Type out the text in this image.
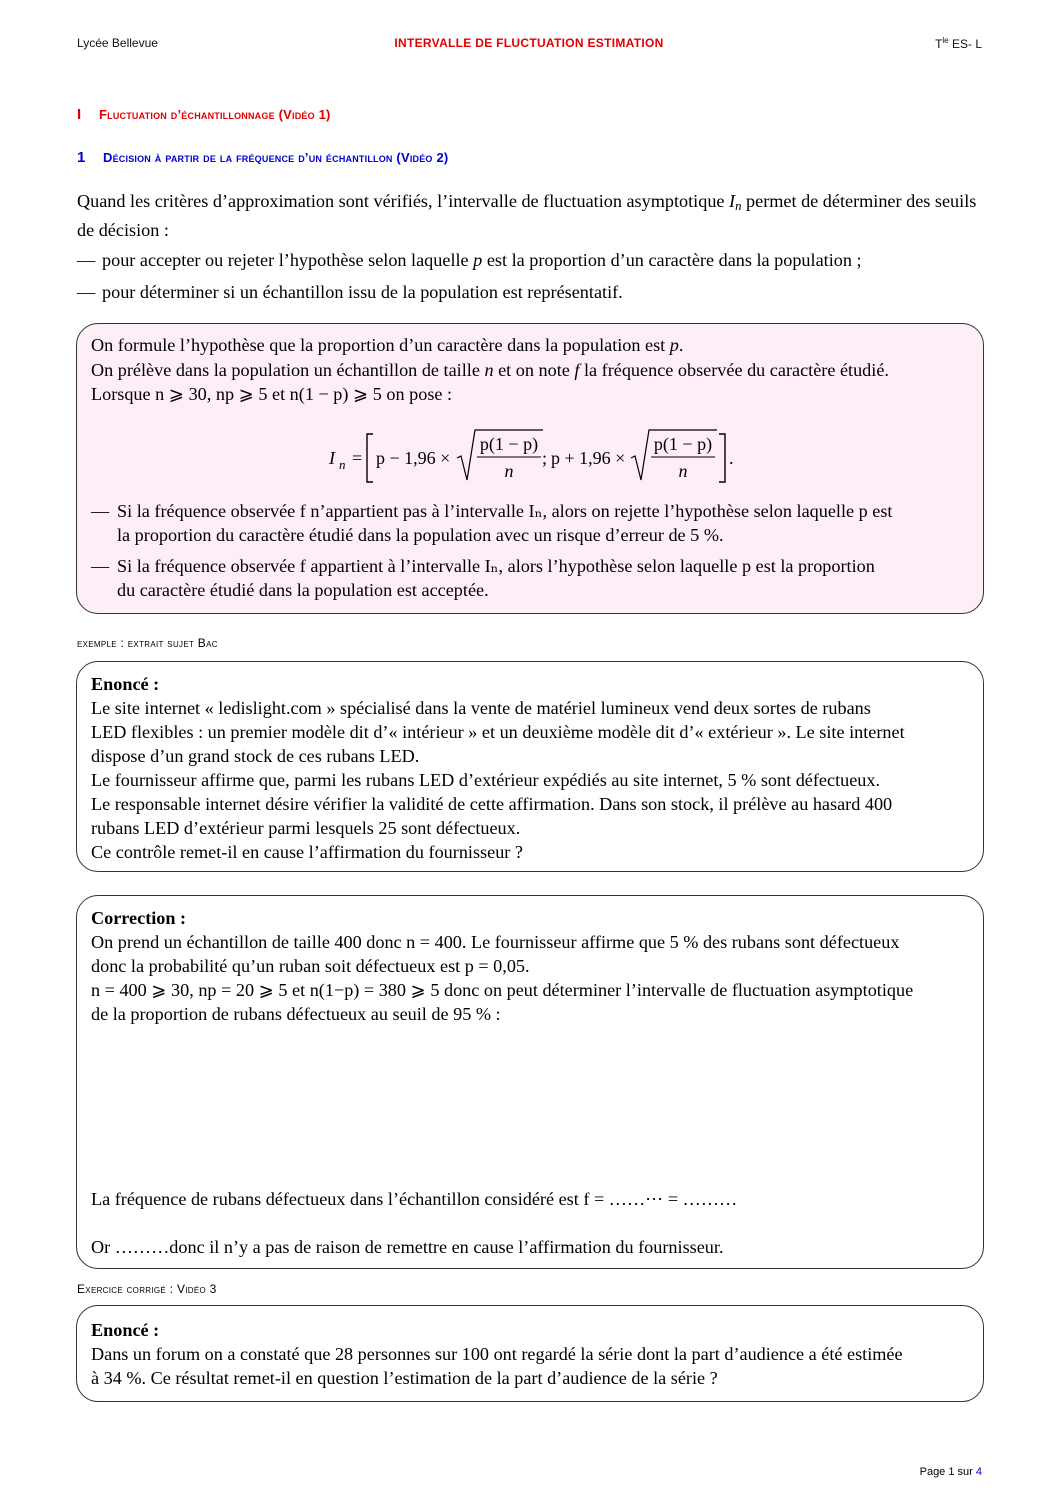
Lycée Bellevue	INTERVALLE DE FLUCTUATION ESTIMATION	$T^{le}$ ES- L
I Fluctuation d’échantillonnage (Vidéo 1)
1 Décision à partir de la fréquence d’un échantillon (Vidéo 2)

Quand les critères d’approximation sont vérifiés, l’intervalle de fluctuation asymptotique $I_n$ permet de déterminer des seuils de décision :

— pour accepter ou rejeter l’hypothèse selon laquelle p est la proportion d’un caractère dans la population ;
— pour déterminer si un échantillon issu de la population est représentatif.
On formule l’hypothèse que la proportion d’un caractère dans la population est p.
On prélève dans la population un échantillon de taille n et on note f la fréquence observée du caractère étudié.
Lorsque n ⩾ 30, np ⩾ 5 et n(1 − p) ⩾ 5 on pose :
I n = p − 1,96 ×
p(1 − p)
n
; p + 1,96 ×
p(1 − p)
n
.
— Si la fréquence observée f n’appartient pas à l’intervalle Iₙ, alors on rejette l’hypothèse selon laquelle p est
la proportion du caractère étudié dans la population avec un risque d’erreur de 5 %.
— Si la fréquence observée f appartient à l’intervalle Iₙ, alors l’hypothèse selon laquelle p est la proportion
du caractère étudié dans la population est acceptée.
exemple : extrait sujet Bac
Enoncé :
Le site internet « ledislight.com » spécialisé dans la vente de matériel lumineux vend deux sortes de rubans
LED flexibles : un premier modèle dit d’« intérieur » et un deuxième modèle dit d’« extérieur ». Le site internet
dispose d’un grand stock de ces rubans LED.
Le fournisseur affirme que, parmi les rubans LED d’extérieur expédiés au site internet, 5 % sont défectueux.
Le responsable internet désire vérifier la validité de cette affirmation. Dans son stock, il prélève au hasard 400
rubans LED d’extérieur parmi lesquels 25 sont défectueux.
Ce contrôle remet-il en cause l’affirmation du fournisseur ?
Correction :
On prend un échantillon de taille 400 donc n = 400. Le fournisseur affirme que 5 % des rubans sont défectueux
donc la probabilité qu’un ruban soit défectueux est p = 0,05.
n = 400 ⩾ 30, np = 20 ⩾ 5 et n(1−p) = 380 ⩾ 5 donc on peut déterminer l’intervalle de fluctuation asymptotique
de la proportion de rubans défectueux au seuil de 95 % :
La fréquence de rubans défectueux dans l’échantillon considéré est f = ……⋯ = ………
Or ………donc il n’y a pas de raison de remettre en cause l’affirmation du fournisseur.
Exercice corrigé : Vidéo 3
Enoncé :
Dans un forum on a constaté que 28 personnes sur 100 ont regardé la série dont la part d’audience a été estimée
à 34 %. Ce résultat remet-il en question l’estimation de la part d’audience de la série ?
Page 1 sur 4
